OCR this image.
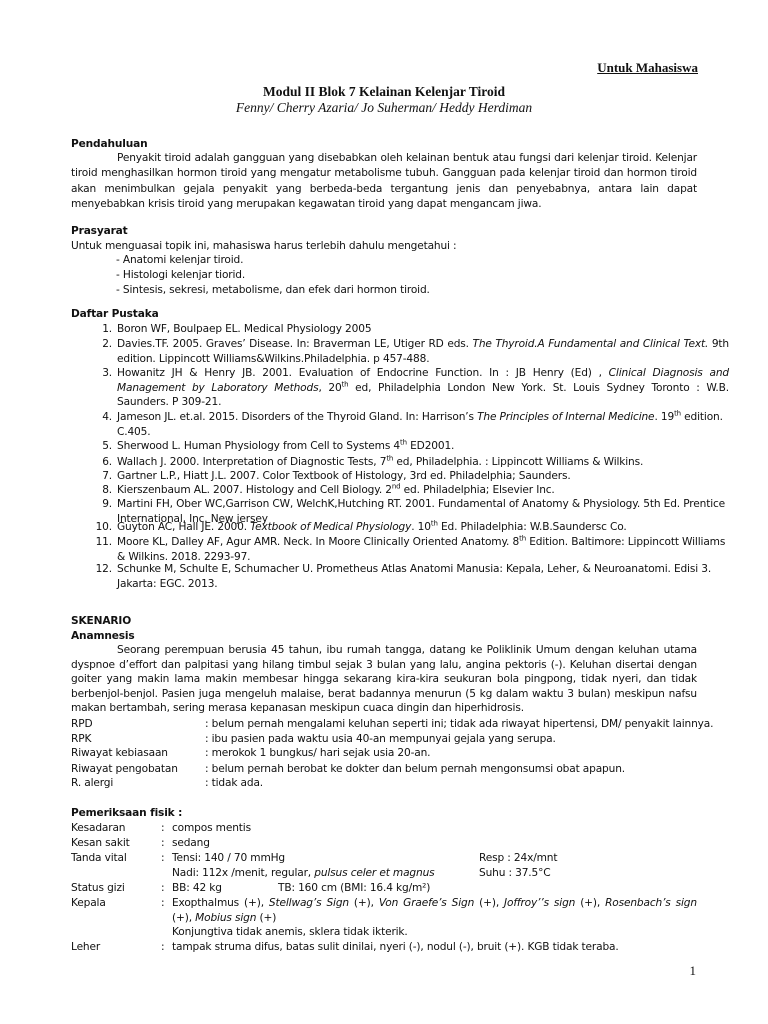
Untuk Mahasiswa
Modul II Blok 7 Kelainan Kelenjar Tiroid
Fenny/ Cherry Azaria/ Jo Suherman/ Heddy Herdiman
Pendahuluan
Penyakit tiroid adalah gangguan yang disebabkan oleh kelainan bentuk atau fungsi dari kelenjar tiroid. Kelenjar tiroid menghasilkan hormon tiroid yang mengatur metabolisme tubuh. Gangguan pada kelenjar tiroid dan hormon tiroid akan menimbulkan gejala penyakit yang berbeda-beda tergantung jenis dan penyebabnya, antara lain dapat menyebabkan krisis tiroid yang merupakan kegawatan tiroid yang dapat mengancam jiwa.
Prasyarat
Untuk menguasai topik ini, mahasiswa harus terlebih dahulu mengetahui :
- Anatomi kelenjar tiroid.
- Histologi kelenjar tiorid.
- Sintesis, sekresi, metabolisme, dan efek dari hormon tiroid.
Daftar Pustaka
1. Boron WF, Boulpaep EL. Medical Physiology 2005
2. Davies.TF. 2005. Graves’ Disease. In: Braverman LE, Utiger RD eds. The Thyroid.A Fundamental and Clinical Text. 9th edition. Lippincott Williams&Wilkins.Philadelphia. p 457-488.
3. Howanitz JH & Henry JB. 2001. Evaluation of Endocrine Function. In : JB Henry (Ed) , Clinical Diagnosis and Management by Laboratory Methods, 20th ed, Philadelphia London New York. St. Louis Sydney Toronto : W.B. Saunders. P 309-21.
4. Jameson JL. et.al. 2015. Disorders of the Thyroid Gland. In: Harrison’s The Principles of Internal Medicine. 19th edition. C.405.
5. Sherwood L. Human Physiology from Cell to Systems 4th ED2001.
6. Wallach J. 2000. Interpretation of Diagnostic Tests, 7th ed, Philadelphia. : Lippincott Williams & Wilkins.
7. Gartner L.P., Hiatt J.L. 2007. Color Textbook of Histology, 3rd ed. Philadelphia; Saunders.
8. Kierszenbaum AL. 2007. Histology and Cell Biology. 2nd ed. Philadelphia; Elsevier Inc.
9. Martini FH, Ober WC,Garrison CW, WelchK,Hutching RT. 2001. Fundamental of Anatomy & Physiology. 5th Ed. Prentice International, Inc. New jersey
10. Guyton AC, Hall JE. 2000. Textbook of Medical Physiology. 10th Ed. Philadelphia: W.B.Saundersc Co.
11. Moore KL, Dalley AF, Agur AMR. Neck. In Moore Clinically Oriented Anatomy. 8th Edition. Baltimore: Lippincott Williams & Wilkins. 2018. 2293-97.
12. Schunke M, Schulte E, Schumacher U. Prometheus Atlas Anatomi Manusia: Kepala, Leher, & Neuroanatomi. Edisi 3. Jakarta: EGC. 2013.
SKENARIO
Anamnesis
Seorang perempuan berusia 45 tahun, ibu rumah tangga, datang ke Poliklinik Umum dengan keluhan utama dyspnoe d’effort dan palpitasi yang hilang timbul sejak 3 bulan yang lalu, angina pektoris (-). Keluhan disertai dengan goiter yang makin lama makin membesar hingga sekarang kira-kira seukuran bola pingpong, tidak nyeri, dan tidak berbenjol-benjol. Pasien juga mengeluh malaise, berat badannya menurun (5 kg dalam waktu 3 bulan) meskipun nafsu makan bertambah, sering merasa kepanasan meskipun cuaca dingin dan hiperhidrosis.
RPD	: belum pernah mengalami keluhan seperti ini; tidak ada riwayat hipertensi, DM/ penyakit lainnya.
RPK	: ibu pasien pada waktu usia 40-an mempunyai gejala yang serupa.
Riwayat kebiasaan	: merokok 1 bungkus/ hari sejak usia 20-an.
Riwayat pengobatan	: belum pernah berobat ke dokter dan belum pernah mengonsumsi obat apapun.
R. alergi	: tidak ada.
Pemeriksaan fisik :
Kesadaran	: compos mentis
Kesan sakit	: sedang
Tanda vital	: Tensi: 140 / 70 mmHg	Resp : 24x/mnt
Nadi: 112x /menit, regular, pulsus celer et magnus	Suhu : 37.5°C
Status gizi	: BB: 42 kg	TB: 160 cm (BMI: 16.4 kg/m²)
Kepala	: Exopthalmus (+), Stellwag’s Sign (+), Von Graefe’s Sign (+), Joffroy’’s sign (+), Rosenbach’s sign (+), Mobius sign (+)
Konjungtiva tidak anemis, sklera tidak ikterik.
Leher	: tampak struma difus, batas sulit dinilai, nyeri (-), nodul (-), bruit (+). KGB tidak teraba.
1
